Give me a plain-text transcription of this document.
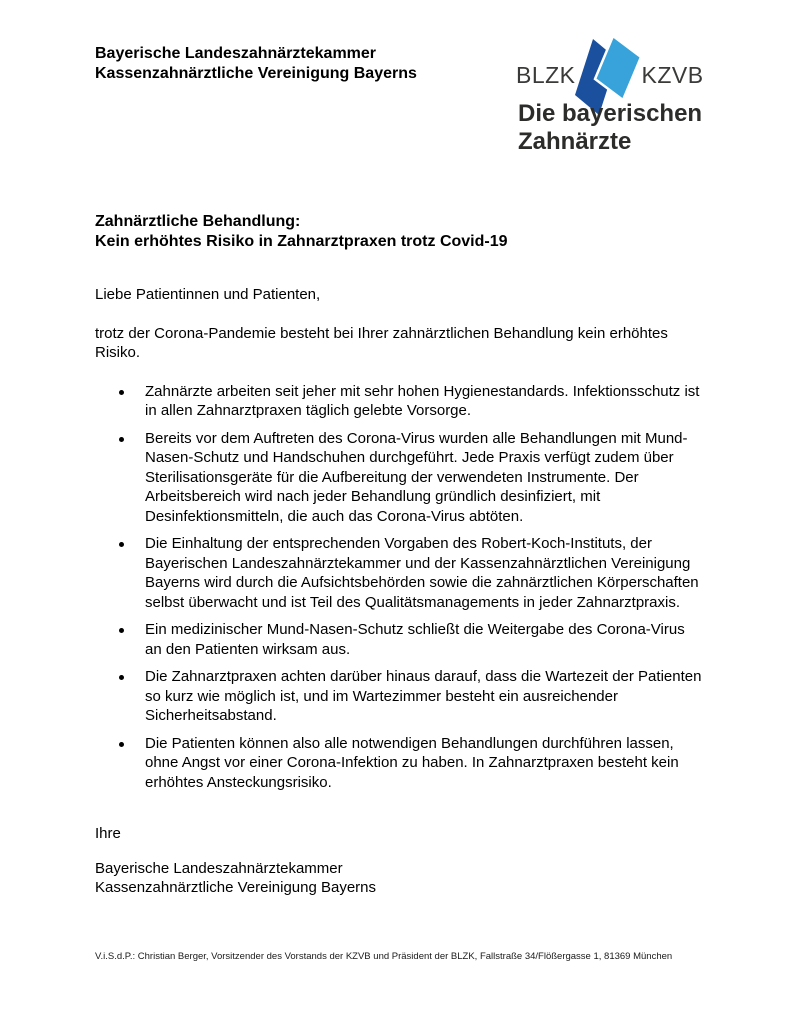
Bayerische Landeszahnärztekammer
Kassenzahnärztliche Vereinigung Bayerns	BLZK	KZVB
Die bayerischen
Zahnärzte
Zahnärztliche Behandlung:
Kein erhöhtes Risiko in Zahnarztpraxen trotz Covid-19

Liebe Patientinnen und Patienten,

trotz der Corona-Pandemie besteht bei Ihrer zahnärztlichen Behandlung kein erhöhtes Risiko.

Zahnärzte arbeiten seit jeher mit sehr hohen Hygienestandards. Infektionsschutz ist in allen Zahnarztpraxen täglich gelebte Vorsorge.
Bereits vor dem Auftreten des Corona-Virus wurden alle Behandlungen mit Mund-Nasen-Schutz und Handschuhen durchgeführt. Jede Praxis verfügt zudem über Sterilisationsgeräte für die Aufbereitung der verwendeten Instrumente. Der Arbeitsbereich wird nach jeder Behandlung gründlich desinfiziert, mit Desinfektionsmitteln, die auch das Corona-Virus abtöten.
Die Einhaltung der entsprechenden Vorgaben des Robert-Koch-Instituts, der Bayerischen Landeszahnärztekammer und der Kassenzahnärztlichen Vereinigung Bayerns wird durch die Aufsichtsbehörden sowie die zahnärztlichen Körperschaften selbst überwacht und ist Teil des Qualitätsmanagements in jeder Zahnarztpraxis.
Ein medizinischer Mund-Nasen-Schutz schließt die Weitergabe des Corona-Virus an den Patienten wirksam aus.
Die Zahnarztpraxen achten darüber hinaus darauf, dass die Wartezeit der Patienten so kurz wie möglich ist, und im Wartezimmer besteht ein ausreichender Sicherheitsabstand.
Die Patienten können also alle notwendigen Behandlungen durchführen lassen, ohne Angst vor einer Corona-Infektion zu haben. In Zahnarztpraxen besteht kein erhöhtes Ansteckungsrisiko.

Ihre

Bayerische Landeszahnärztekammer
Kassenzahnärztliche Vereinigung Bayerns
V.i.S.d.P.: Christian Berger, Vorsitzender des Vorstands der KZVB und Präsident der BLZK, Fallstraße 34/Flößergasse 1, 81369 München
